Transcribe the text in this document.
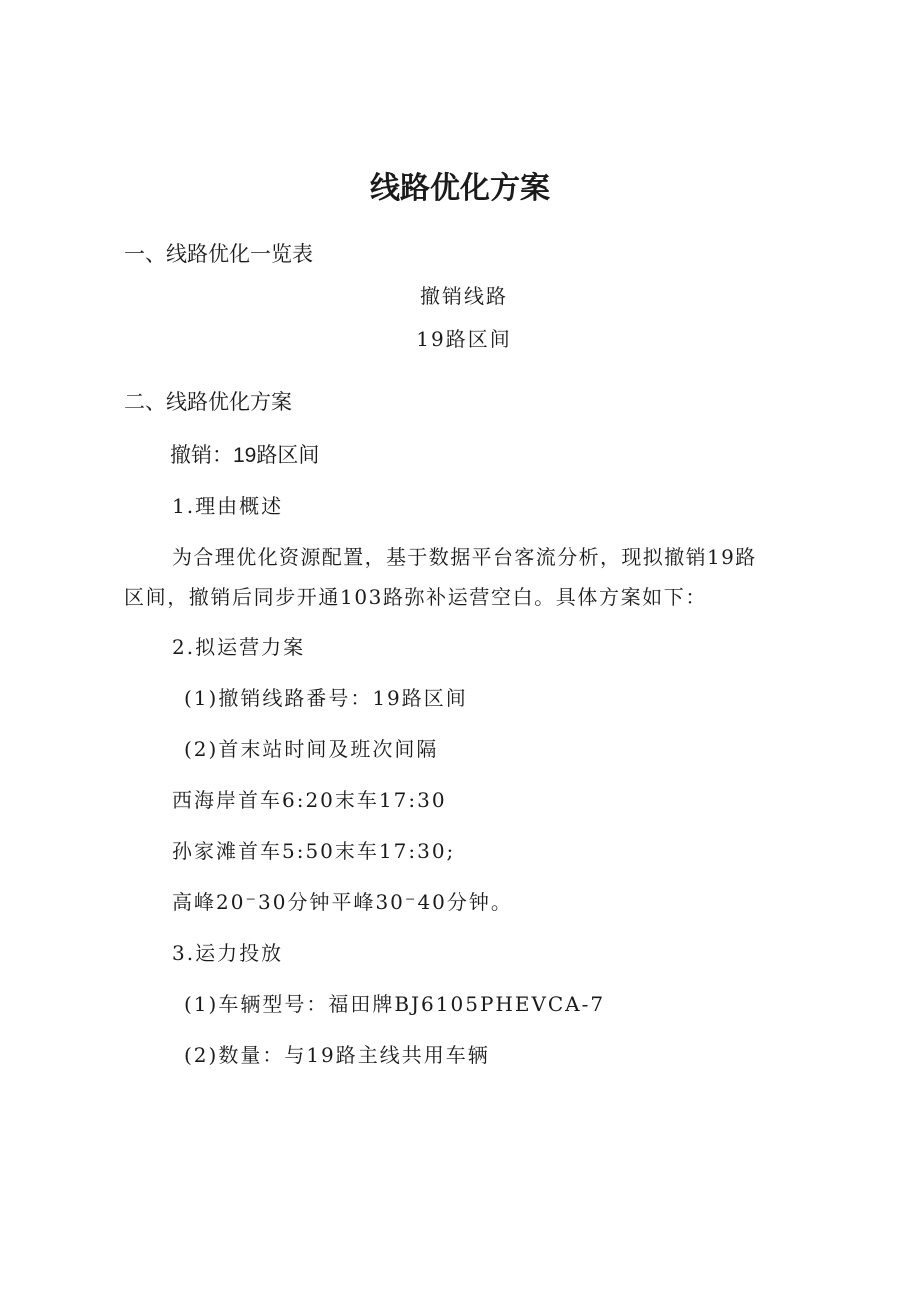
线路优化方案

一、线路优化一览表

撤销线路

19路区间

二、线路优化方案

撤销：19路区间

1.理由概述

为合理优化资源配置，基于数据平台客流分析，现拟撤销19路

区间，撤销后同步开通103路弥补运营空白。具体方案如下：

2.拟运营力案

(1)撤销线路番号：19路区间

(2)首末站时间及班次间隔

西海岸首车6:20末车17:30

孙家滩首车5:50末车17:30;

高峰20⁻30分钟平峰30⁻40分钟。

3.运力投放

(1)车辆型号：福田牌BJ6105PHEVCA-7

(2)数量：与19路主线共用车辆
